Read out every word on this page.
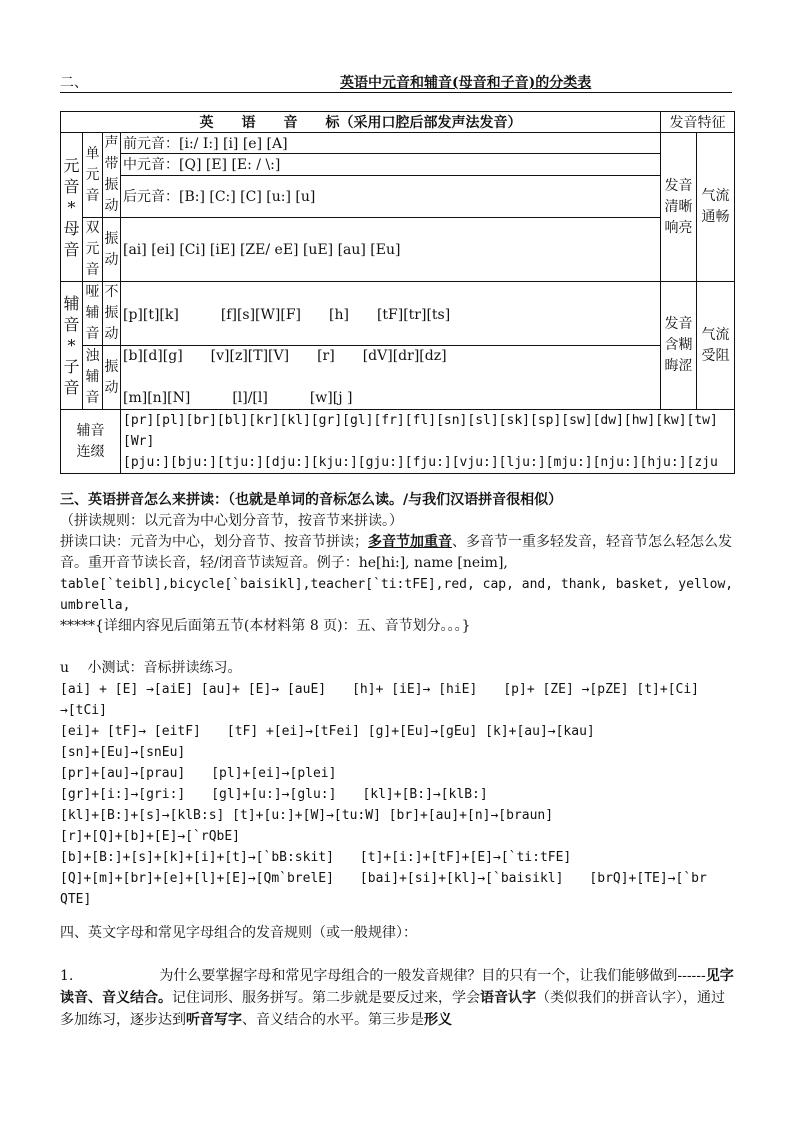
二、	英语中元音和辅音(母音和子音)的分类表
英　　语　　音　　标（采用口腔后部发声法发音）				发音特征	
元音*母音	单元音	声带振动	前元音：[i:/ I:] [i] [e] [A]	发音清晰响亮	气流通畅
			中元音：[Q] [E] [E: / \:]		
			后元音：[B:] [C:] [C] [u:] [u]		
	双元音	振动	[ai] [ei] [Ci] [iE] [ZE/ eE] [uE] [au] [Eu]		
辅音*子音	哑辅音	不振动	[p][t][k]　　　[f][s][W][F]　　[h]　　[tF][tr][ts]	发音含糊晦涩	气流受阻
	浊辅音	振动	[b][d][g]　　[v][z][T][V]　　[r]　　[dV][dr][dz]
[m][n][N]　　　[l]/[l]　　　[w][j ]		

辅音连缀			[pr][pl][br][bl][kr][kl][gr][gl][fr][fl][sn][sl][sk][sp][sw][dw][hw][kw][tw][Wr]
[pju:][bju:][tju:][dju:][kju:][gju:][fju:][vju:][lju:][mju:][nju:][hju:][zju		
三、英语拼音怎么来拼读：（也就是单词的音标怎么读。/与我们汉语拼音很相似）
（拼读规则：以元音为中心划分音节，按音节来拼读。）
拼读口诀：元音为中心，划分音节、按音节拼读；多音节加重音、多音节一重多轻发音，轻音节怎么轻怎么发音。重开音节读长音，轻/闭音节读短音。例子：he[hi:], name [neim],
table[`teibl],bicycle[`baisikl],teacher[`ti:tFE],red, cap, and, thank, basket, yellow,
umbrella,
*****{详细内容见后面第五节(本材料第 8 页)：五、音节划分。。。}
u　 小测试：音标拼读练习。
[ai] + [E] →[aiE] [au]+ [E]→ [auE]　　[h]+ [iE]→ [hiE]　　[p]+ [ZE] →[pZE] [t]+[Ci]
→[tCi]
[ei]+ [tF]→ [eitF]　　[tF] +[ei]→[tFei] [g]+[Eu]→[gEu] [k]+[au]→[kau]
[sn]+[Eu]→[snEu]
[pr]+[au]→[prau]　　[pl]+[ei]→[plei]
[gr]+[i:]→[gri:]　　[gl]+[u:]→[glu:]　　[kl]+[B:]→[klB:]
[kl]+[B:]+[s]→[klB:s] [t]+[u:]+[W]→[tu:W] [br]+[au]+[n]→[braun]
[r]+[Q]+[b]+[E]→[`rQbE]
[b]+[B:]+[s]+[k]+[i]+[t]→[`bB:skit]　　[t]+[i:]+[tF]+[E]→[`ti:tFE]
[Q]+[m]+[br]+[e]+[l]+[E]→[Qm`brelE]　　[bai]+[si]+[kl]→[`baisikl]　　[brQ]+[TE]→[`br
QTE]
四、英文字母和常见字母组合的发音规则（或一般规律）：
1.	为什么要掌握字母和常见字母组合的一般发音规律？目的只有一个，让我们能够做到------见字读音、音义结合。记住词形、服务拼写。第二步就是要反过来，学会语音认字（类似我们的拼音认字），通过多加练习，逐步达到听音写字、音义结合的水平。第三步是形义
